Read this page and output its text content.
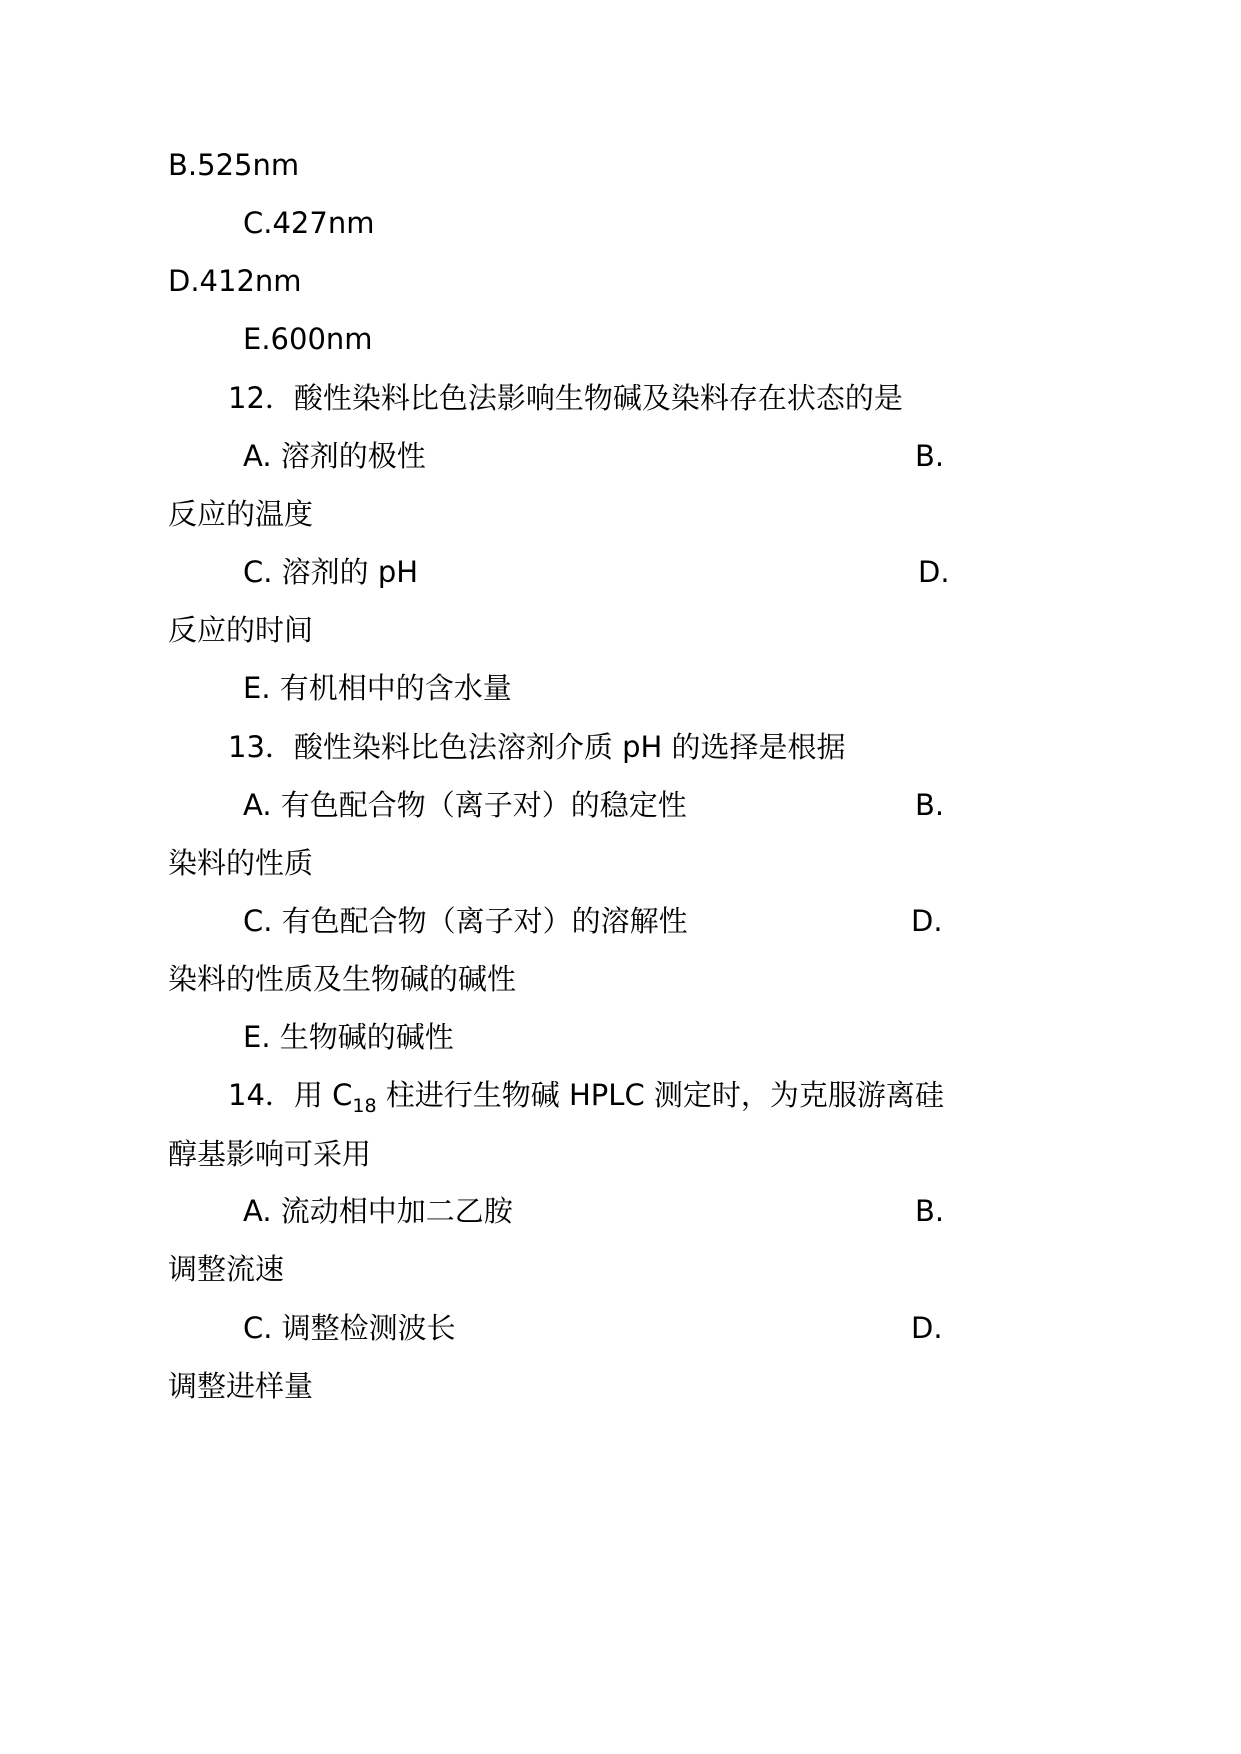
B.525nm
C.427nm
D.412nm
E.600nm
12．酸性染料比色法影响生物碱及染料存在状态的是
A. 溶剂的极性	B.
反应的温度
C. 溶剂的 pH	D.
反应的时间
E. 有机相中的含水量
13．酸性染料比色法溶剂介质 pH 的选择是根据
A. 有色配合物（离子对）的稳定性	B.
染料的性质
C. 有色配合物（离子对）的溶解性	D.
染料的性质及生物碱的碱性
E. 生物碱的碱性
14．用 $C_{18}$ 柱进行生物碱 HPLC 测定时，为克服游离硅
醇基影响可采用
A. 流动相中加二乙胺	B.
调整流速
C. 调整检测波长	D.
调整进样量
